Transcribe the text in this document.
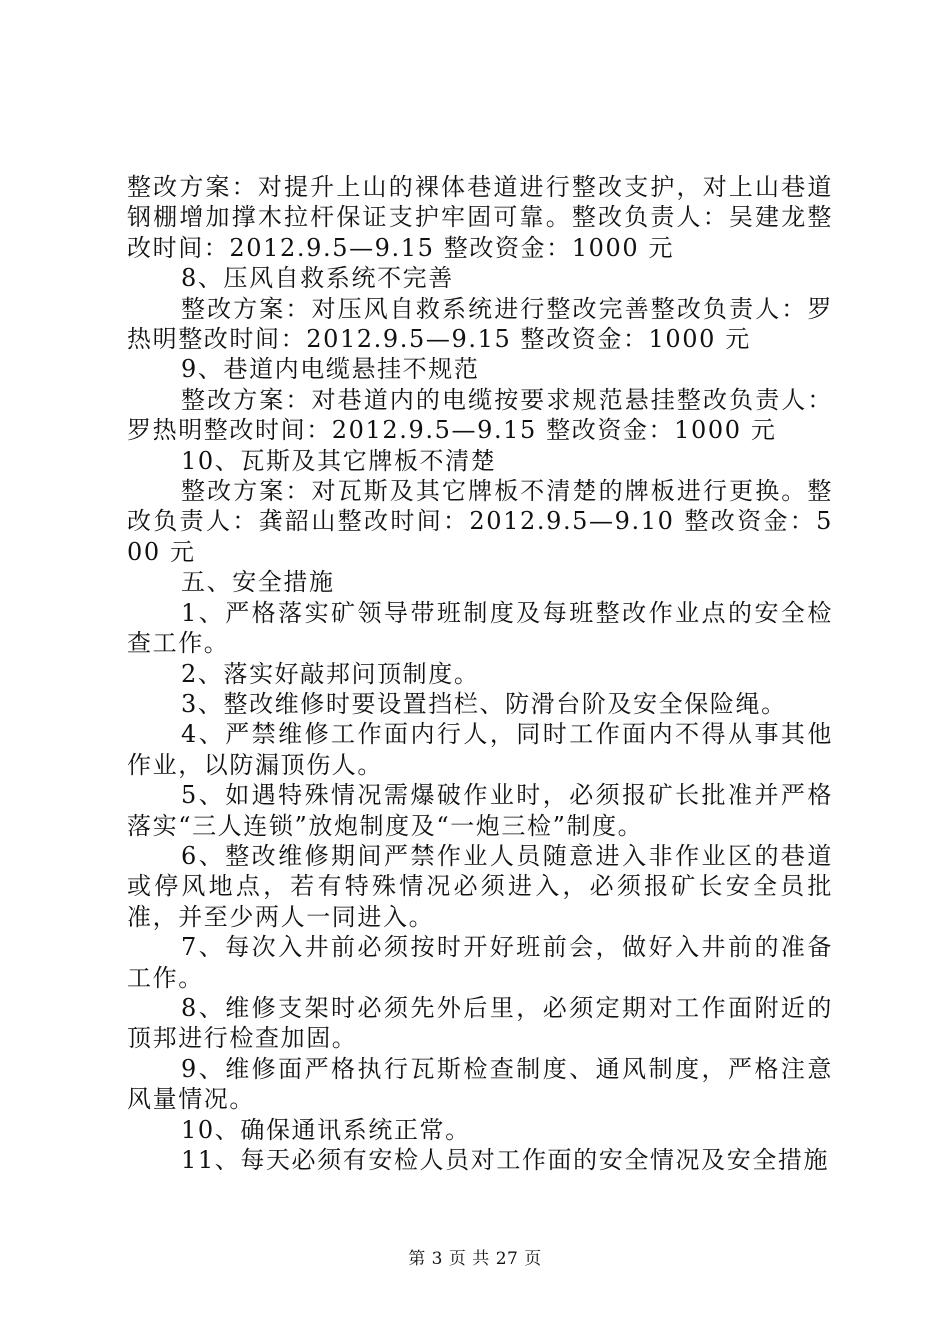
整改方案：对提升上山的裸体巷道进行整改支护，对上山巷道钢棚增加撑木拉杆保证支护牢固可靠。整改负责人：吴建龙整改时间：2012.9.5—9.15 整改资金：1000 元

8、压风自救系统不完善

整改方案：对压风自救系统进行整改完善整改负责人：罗热明整改时间：2012.9.5—9.15 整改资金：1000 元

9、巷道内电缆悬挂不规范

整改方案：对巷道内的电缆按要求规范悬挂整改负责人：罗热明整改时间：2012.9.5—9.15 整改资金：1000 元

10、瓦斯及其它牌板不清楚

整改方案：对瓦斯及其它牌板不清楚的牌板进行更换。整改负责人：龚韶山整改时间：2012.9.5—9.10 整改资金：500 元

五、安全措施

1、严格落实矿领导带班制度及每班整改作业点的安全检查工作。

2、落实好敲邦问顶制度。

3、整改维修时要设置挡栏、防滑台阶及安全保险绳。

4、严禁维修工作面内行人，同时工作面内不得从事其他作业，以防漏顶伤人。

5、如遇特殊情况需爆破作业时，必须报矿长批准并严格落实“三人连锁”放炮制度及“一炮三检”制度。

6、整改维修期间严禁作业人员随意进入非作业区的巷道或停风地点，若有特殊情况必须进入，必须报矿长安全员批准，并至少两人一同进入。

7、每次入井前必须按时开好班前会，做好入井前的准备工作。

8、维修支架时必须先外后里，必须定期对工作面附近的顶邦进行检查加固。

9、维修面严格执行瓦斯检查制度、通风制度，严格注意风量情况。

10、确保通讯系统正常。

11、每天必须有安检人员对工作面的安全情况及安全措施

第 3 页 共 27 页
